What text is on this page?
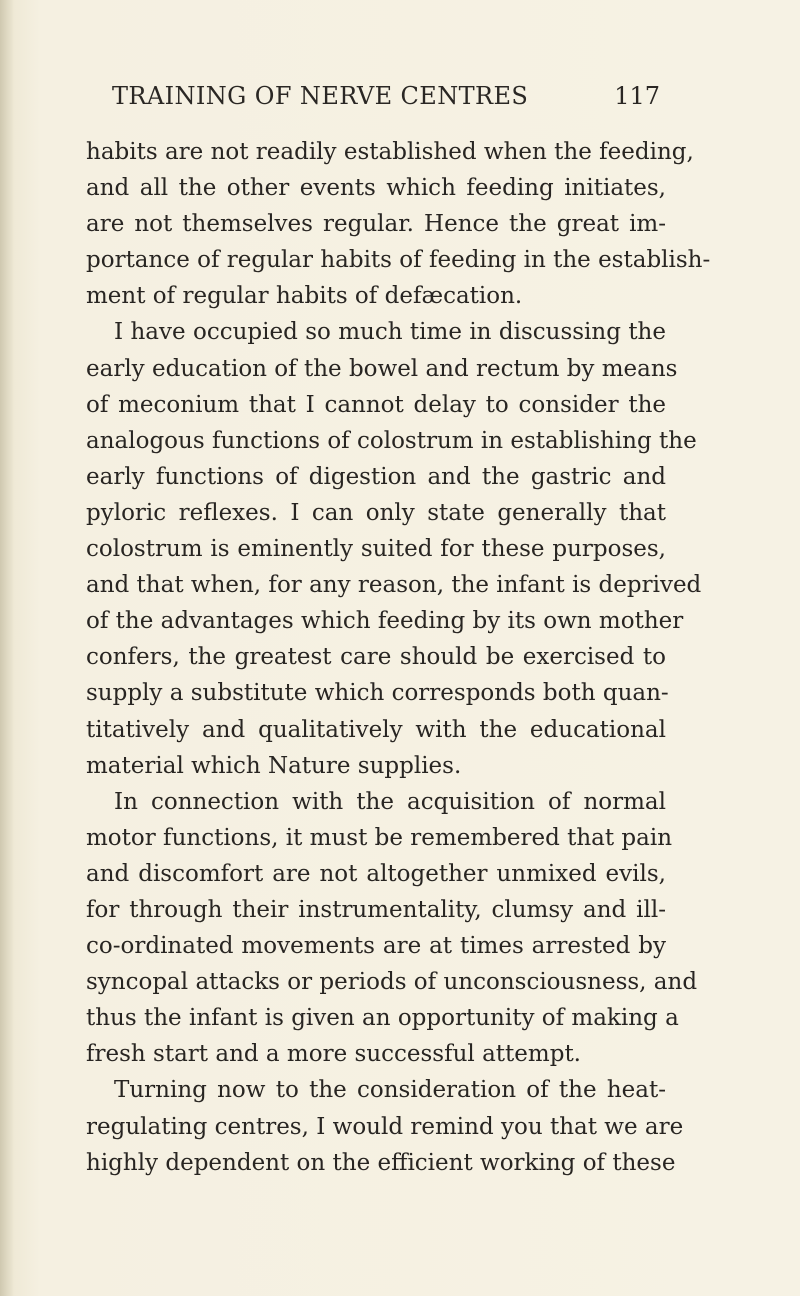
TRAINING OF NERVE CENTRES	117
habits are not readily established when the feeding,
and all the other events which feeding initiates,
are not themselves regular. Hence the great im-
portance of regular habits of feeding in the establish-
ment of regular habits of defæcation.
I have occupied so much time in discussing the
early education of the bowel and rectum by means
of meconium that I cannot delay to consider the
analogous functions of colostrum in establishing the
early functions of digestion and the gastric and
pyloric reflexes. I can only state generally that
colostrum is eminently suited for these purposes,
and that when, for any reason, the infant is deprived
of the advantages which feeding by its own mother
confers, the greatest care should be exercised to
supply a substitute which corresponds both quan-
titatively and qualitatively with the educational
material which Nature supplies.
In connection with the acquisition of normal
motor functions, it must be remembered that pain
and discomfort are not altogether unmixed evils,
for through their instrumentality, clumsy and ill-
co-ordinated movements are at times arrested by
syncopal attacks or periods of unconsciousness, and
thus the infant is given an opportunity of making a
fresh start and a more successful attempt.
Turning now to the consideration of the heat-
regulating centres, I would remind you that we are
highly dependent on the efficient working of these
